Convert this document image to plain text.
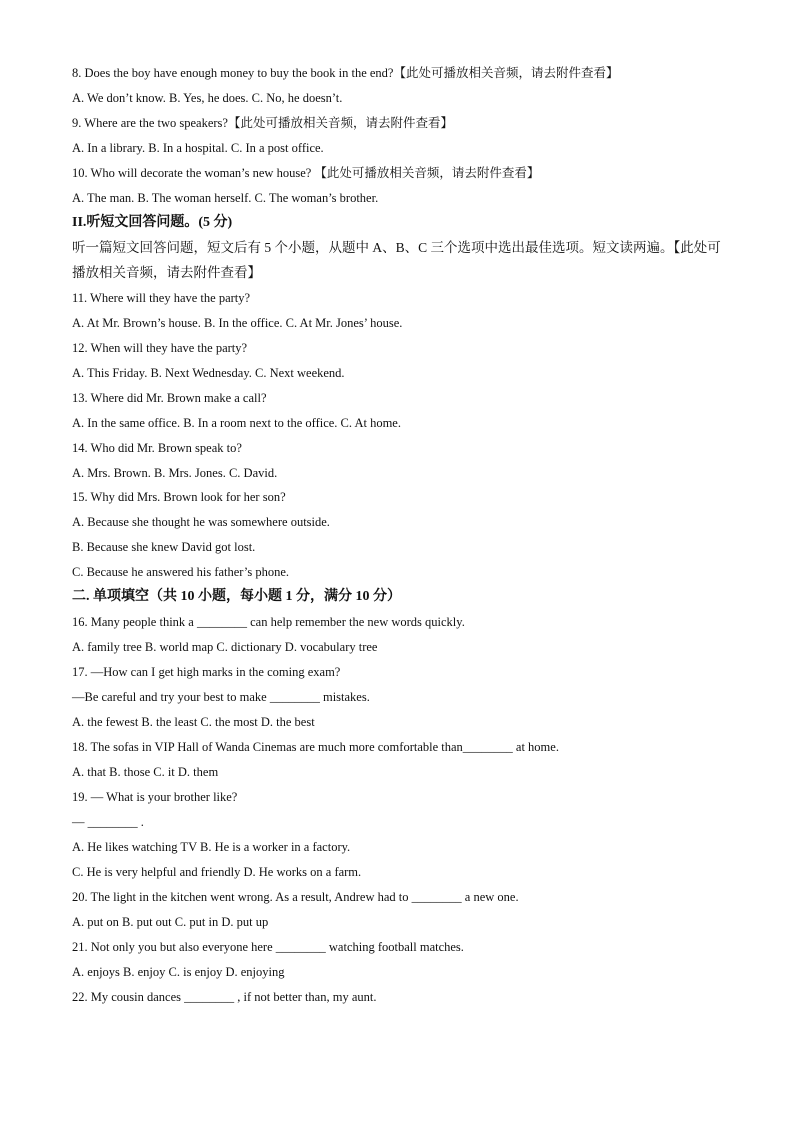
8. Does the boy have enough money to buy the book in the end?【此处可播放相关音频，请去附件查看】
A. We don’t know. B. Yes, he does. C. No, he doesn’t.
9. Where are the two speakers?【此处可播放相关音频，请去附件查看】
A. In a library. B. In a hospital. C. In a post office.
10. Who will decorate the woman’s new house? 【此处可播放相关音频，请去附件查看】
A. The man. B. The woman herself. C. The woman’s brother.
II.听短文回答问题。(5 分)
听一篇短文回答问题，短文后有 5 个小题，从题中 A、B、C 三个选项中选出最佳选项。短文读两遍。【此处可播放相关音频，请去附件查看】
11. Where will they have the party?
A. At Mr. Brown’s house. B. In the office. C. At Mr. Jones’ house.
12. When will they have the party?
A. This Friday. B. Next Wednesday. C. Next weekend.
13. Where did Mr. Brown make a call?
A. In the same office. B. In a room next to the office. C. At home.
14. Who did Mr. Brown speak to?
A. Mrs. Brown. B. Mrs. Jones. C. David.
15. Why did Mrs. Brown look for her son?
A. Because she thought he was somewhere outside.
B. Because she knew David got lost.
C. Because he answered his father’s phone.
二. 单项填空（共 10 小题，每小题 1 分，满分 10 分）
16. Many people think a ________ can help remember the new words quickly.
A. family tree B. world map C. dictionary D. vocabulary tree
17. —How can I get high marks in the coming exam?
—Be careful and try your best to make ________ mistakes.
A. the fewest B. the least C. the most D. the best
18. The sofas in VIP Hall of Wanda Cinemas are much more comfortable than________ at home.
A. that B. those C. it D. them
19. — What is your brother like?
— ________ .
A. He likes watching TV B. He is a worker in a factory.
C. He is very helpful and friendly D. He works on a farm.
20. The light in the kitchen went wrong. As a result, Andrew had to ________ a new one.
A. put on B. put out C. put in D. put up
21. Not only you but also everyone here ________ watching football matches.
A. enjoys B. enjoy C. is enjoy D. enjoying
22. My cousin dances ________ , if not better than, my aunt.
